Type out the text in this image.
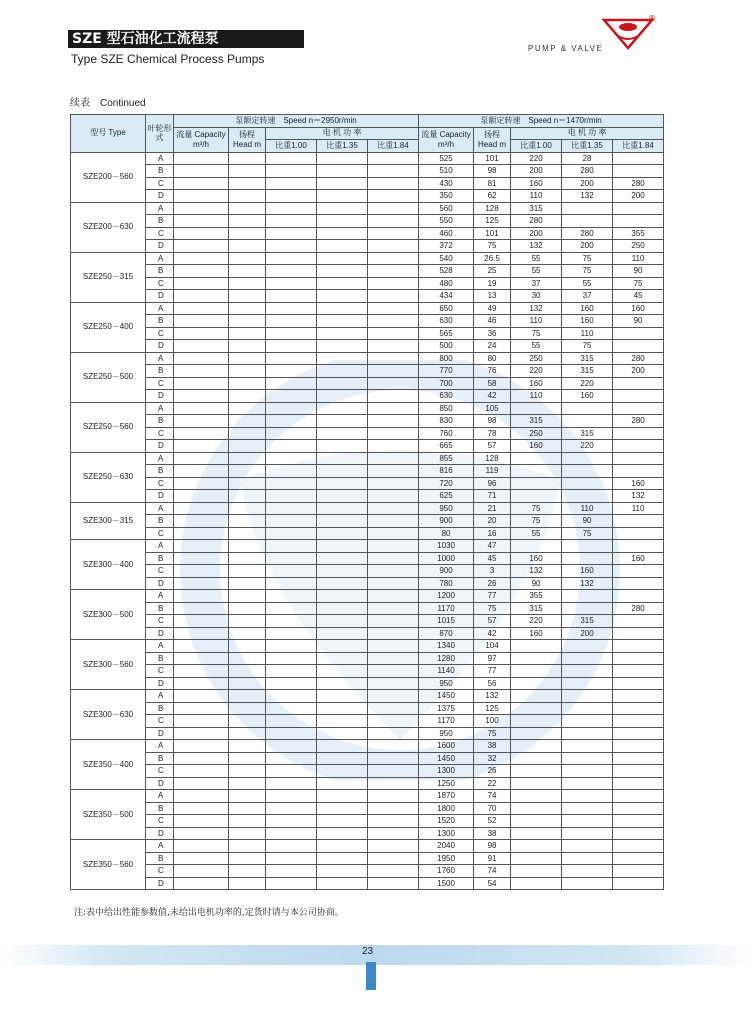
SZE 型石油化工流程泵
Type SZE Chemical Process Pumps
®
PUMP & VALVE
续表　Continued
型号 Type	叶轮形式	泵额定转速　Speed n＝2950r/min					泵额定转速　Speed n＝1470r/min				
		流量 Capacity m³/h	扬程 Head m	电 机 功 率			流量 Capacity m³/h	扬程 Head m	电 机 功 率		
				比重1.00	比重1.35	比重1.84			比重1.00	比重1.35	比重1.84
SZE200－560	A						525	101	220	28	
	B						510	98	200	280	
	C						430	81	160	200	280
	D						350	62	110	132	200
SZE200－630	A						560	128	315		
	B						550	125	280		
	C						460	101	200	280	355
	D						372	75	132	200	250
SZE250－315	A						540	26.5	55	75	110
	B						528	25	55	75	90
	C						480	19	37	55	75
	D						434	13	30	37	45
SZE250－400	A						650	49	132	160	160
	B						630	46	110	160	90
	C						565	36	75	110	
	D						500	24	55	75	
SZE250－500	A						800	80	250	315	280
	B						770	76	220	315	200
	C						700	58	160	220	
	D						630	42	110	160	
SZE250－560	A						850	105			
	B						830	98	315		280
	C						760	78	250	315	
	D						665	57	160	220	
SZE250－630	A						855	128			
	B						816	119			
	C						720	96			160
	D						625	71			132
SZE300－315	A						950	21	75	110	110
	B						900	20	75	90	
	C						80	16	55	75	
SZE300－400	A						1030	47			
	B						1000	45	160		160
	C						900	3	132	160	
	D						780	26	90	132	
SZE300－500	A						1200	77	355		
	B						1170	75	315		280
	C						1015	57	220	315	
	D						870	42	160	200	
SZE300－560	A						1340	104			
	B						1280	97			
	C						1140	77			
	D						950	56			
SZE300－630	A						1450	132			
	B						1375	125			
	C						1170	100			
	D						950	75			
SZE350－400	A						1600	38			
	B						1450	32			
	C						1300	26			
	D						1250	22			
SZE350－500	A						1870	74			
	B						1800	70			
	C						1520	52			
	D						1300	38			
SZE350－560	A						2040	98			
	B						1950	91			
	C						1760	74			
	D						1500	54			
注:表中给出性能参数值,未给出电机功率的,定货时请与本公司协商。
23
